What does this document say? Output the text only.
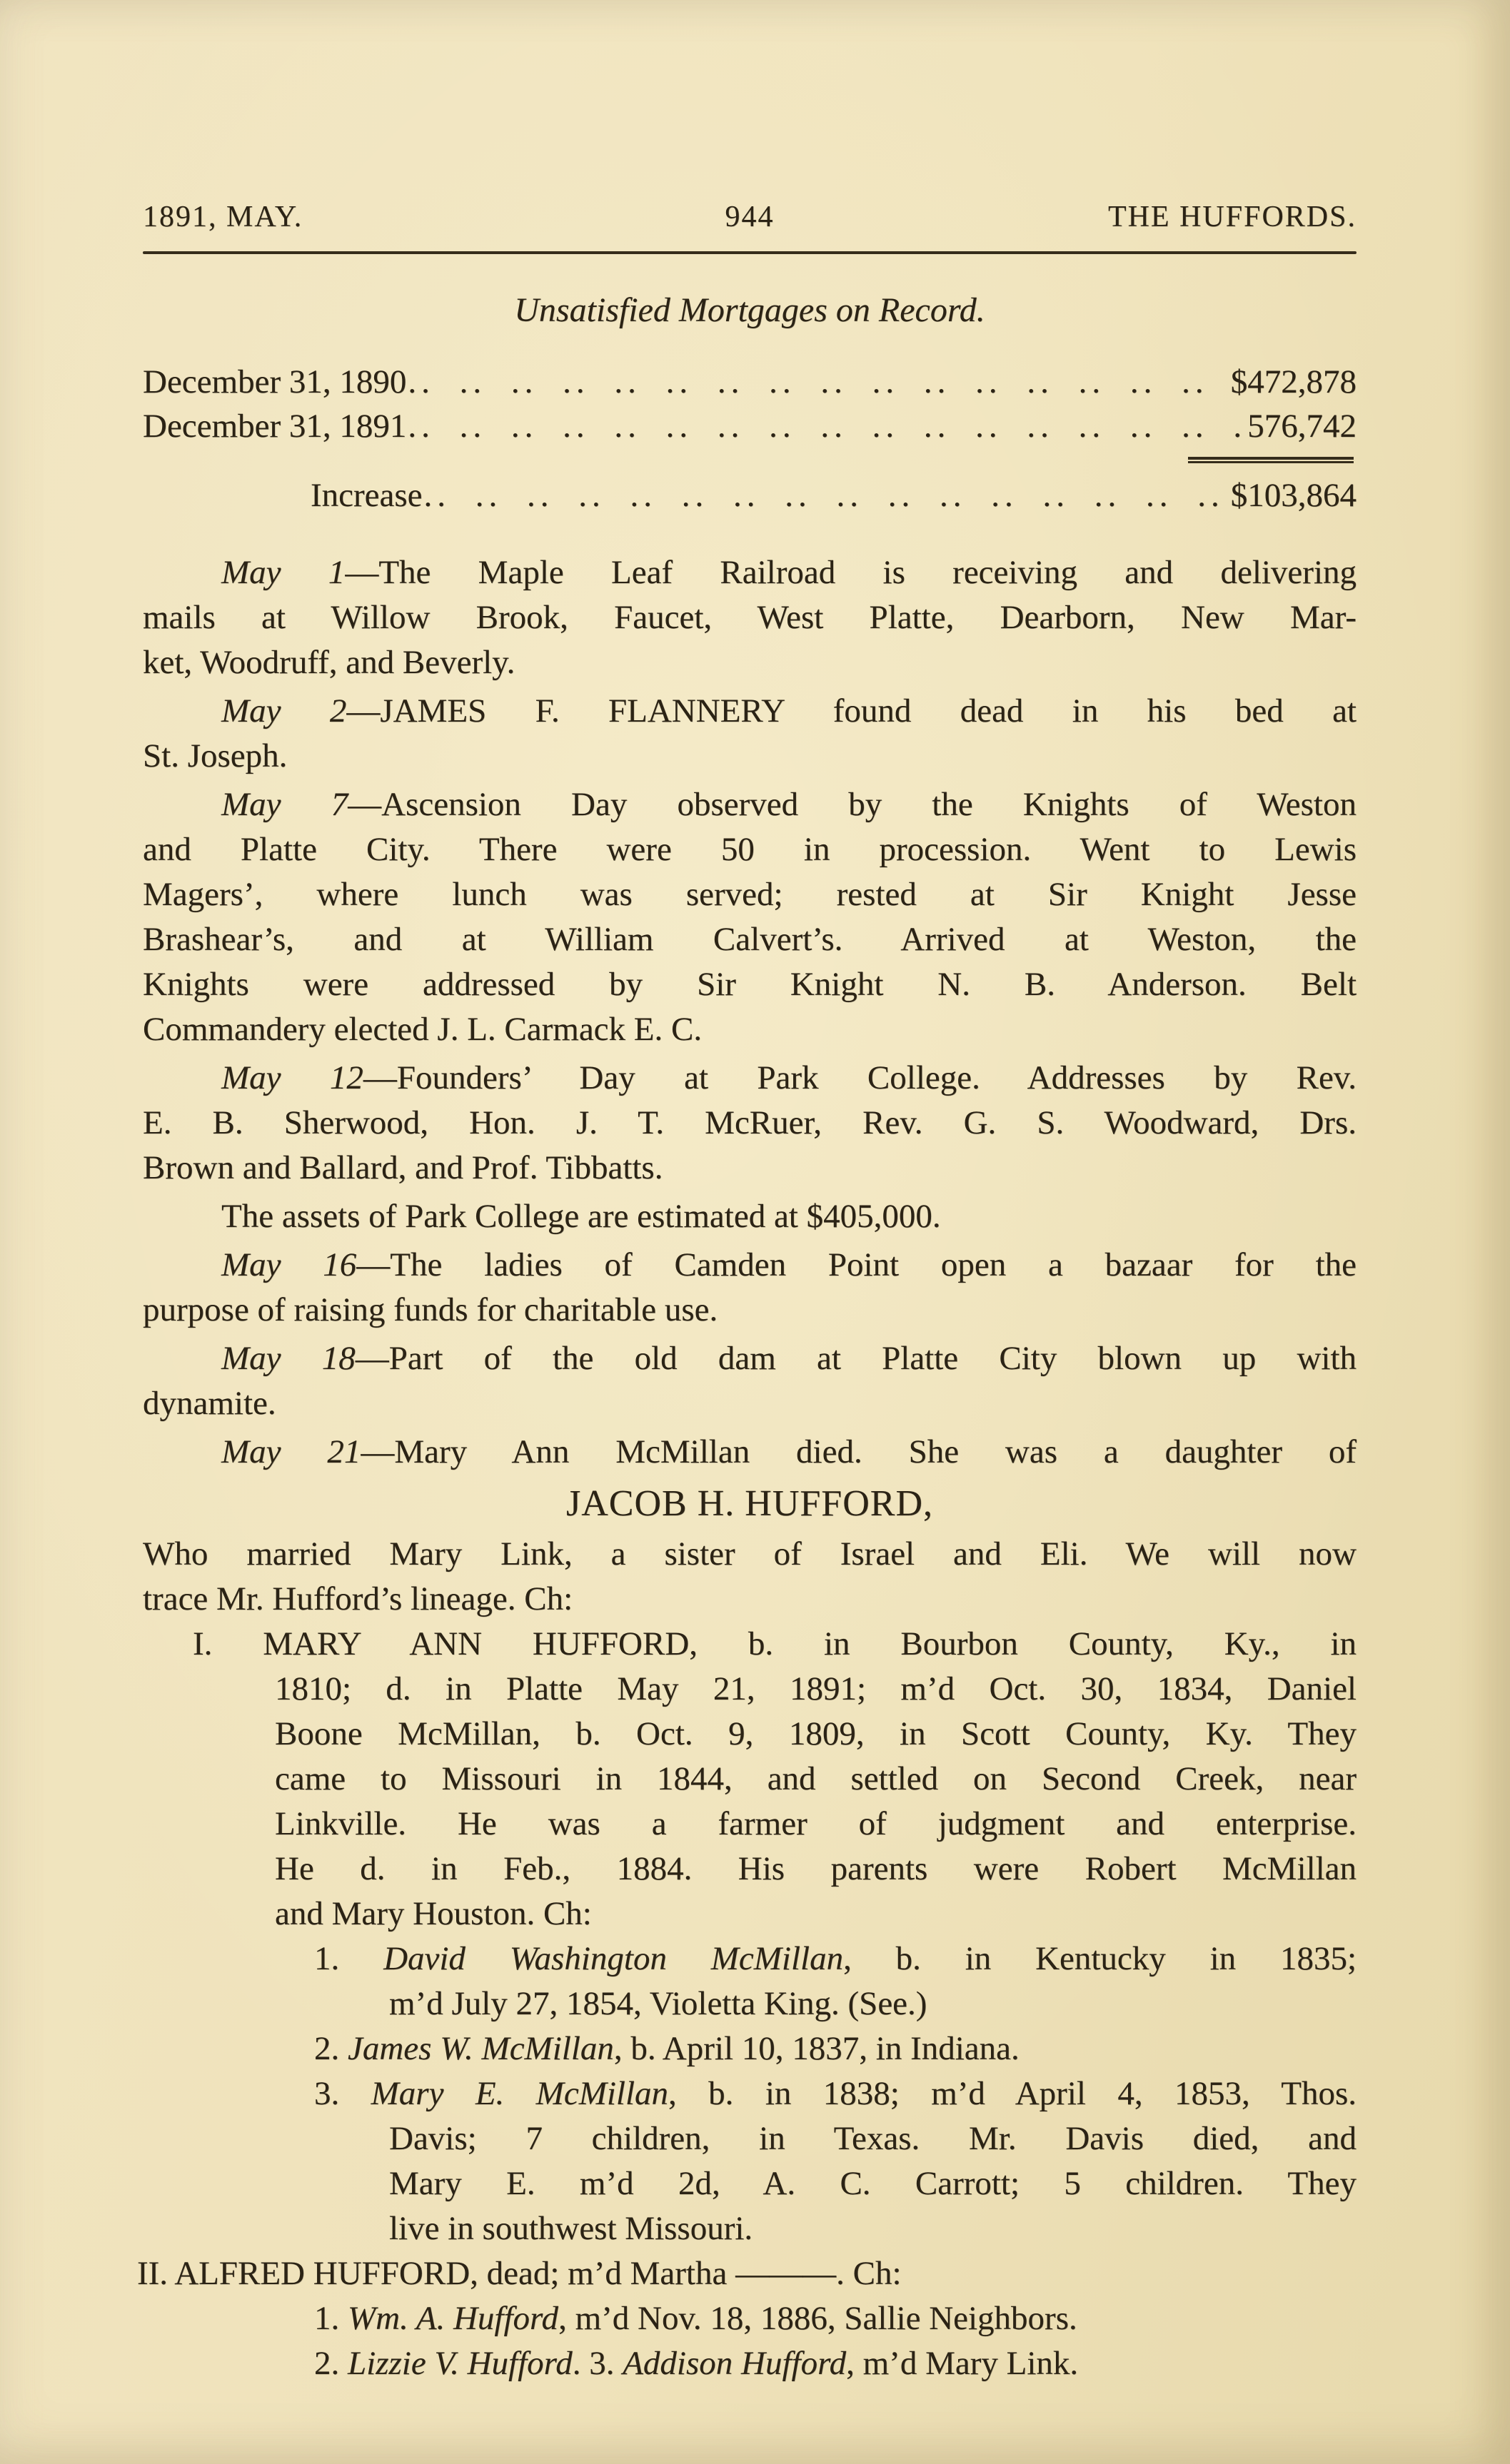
1891, MAY.	944	THE HUFFORDS.
Unsatisfied Mortgages on Record.
December 31, 1890 .. ..	$472,878
December 31, 1891 .. ..	576,742
Increase .. ..	$103,864
May 1—The Maple Leaf Railroad is receiving and delivering
mails at Willow Brook, Faucet, West Platte, Dearborn, New Mar-
ket, Woodruff, and Beverly.
May 2—JAMES F. FLANNERY found dead in his bed at
St. Joseph.
May 7—Ascension Day observed by the Knights of Weston
and Platte City. There were 50 in procession. Went to Lewis
Magers’, where lunch was served; rested at Sir Knight Jesse
Brashear’s, and at William Calvert’s. Arrived at Weston, the
Knights were addressed by Sir Knight N. B. Anderson. Belt
Commandery elected J. L. Carmack E. C.
May 12—Founders’ Day at Park College. Addresses by Rev.
E. B. Sherwood, Hon. J. T. McRuer, Rev. G. S. Woodward, Drs.
Brown and Ballard, and Prof. Tibbatts.
The assets of Park College are estimated at $405,000.
May 16—The ladies of Camden Point open a bazaar for the
purpose of raising funds for charitable use.
May 18—Part of the old dam at Platte City blown up with
dynamite.
May 21—Mary Ann McMillan died. She was a daughter of
JACOB H. HUFFORD,
Who married Mary Link, a sister of Israel and Eli. We will now
trace Mr. Hufford’s lineage. Ch:
I. MARY ANN HUFFORD, b. in Bourbon County, Ky., in
1810; d. in Platte May 21, 1891; m’d Oct. 30, 1834, Daniel
Boone McMillan, b. Oct. 9, 1809, in Scott County, Ky. They
came to Missouri in 1844, and settled on Second Creek, near
Linkville. He was a farmer of judgment and enterprise.
He d. in Feb., 1884. His parents were Robert McMillan
and Mary Houston. Ch:
1. David Washington McMillan, b. in Kentucky in 1835;
m’d July 27, 1854, Violetta King. (See.)
2. James W. McMillan, b. April 10, 1837, in Indiana.
3. Mary E. McMillan, b. in 1838; m’d April 4, 1853, Thos.
Davis; 7 children, in Texas. Mr. Davis died, and
Mary E. m’d 2d, A. C. Carrott; 5 children. They
live in southwest Missouri.
II. ALFRED HUFFORD, dead; m’d Martha ———. Ch:
1. Wm. A. Hufford, m’d Nov. 18, 1886, Sallie Neighbors.
2. Lizzie V. Hufford. 3. Addison Hufford, m’d Mary Link.
